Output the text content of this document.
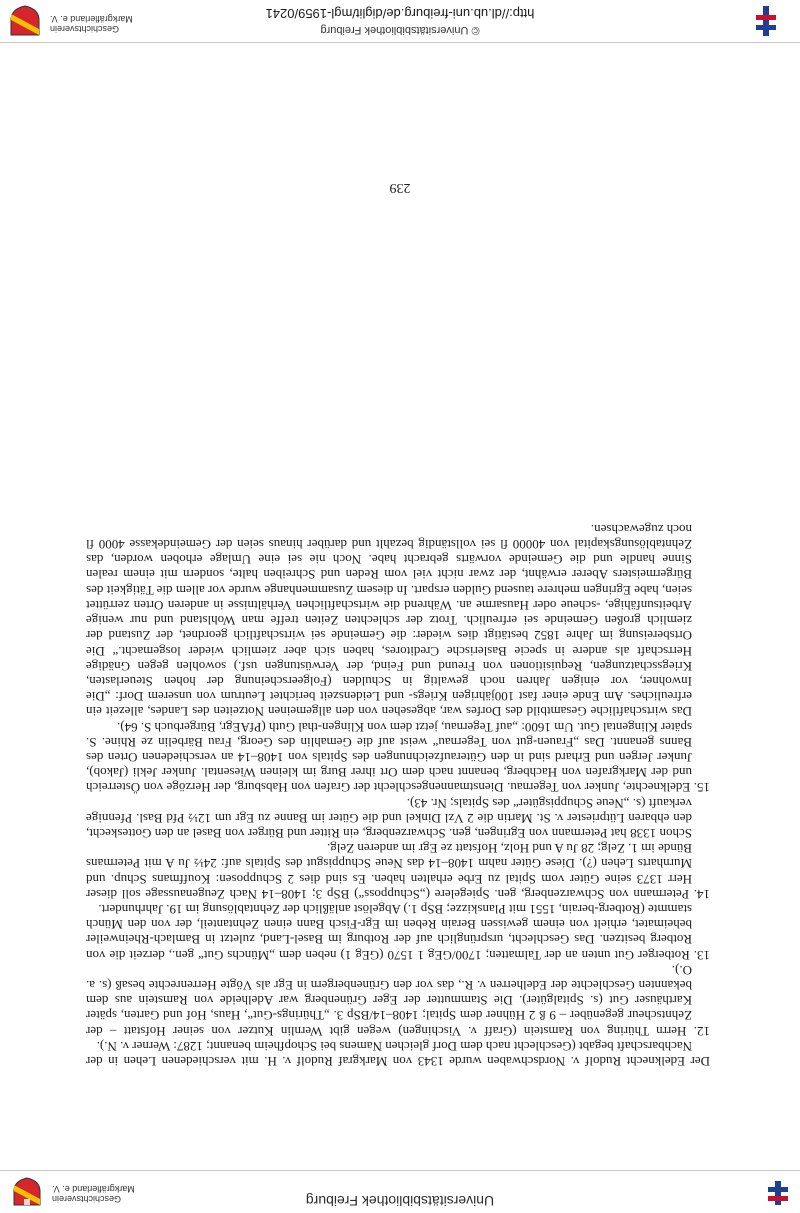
Universitätsbibliothek Freiburg
Geschichtsverein
Markgräflerland e. V.

Der Edelknecht Rudolf v. Nordschwaben wurde 1343 von Markgraf Rudolf v. H. mit verschiedenen Lehen in der Nachbarschaft begabt (Geschlecht nach dem Dorf gleichen Namens bei Schopfheim benannt; 1287: Werner v. N.).

12. Herrn Thüring von Ramstein (Graff v. Vischingen) wegen gibt Wernlin Kutzer von seiner Hofstatt – der Zehntscheur gegenüber – 9 ß 2 Hühner dem Spital; 1408–14/BSp 3. „Thürings-Gut“, Haus, Hof und Garten, später Karthäuser Gut (s. Spitalgüter). Die Stammutter der Eger Grünenberg war Adelheide von Ramstein aus dem bekannten Geschlechte der Edelherren v. R., das vor den Grünenbergern in Egr als Vögte Herrenrechte besaß (s. a. O.).

13. Rotberger Gut unten an der Talmatten; 1700/GEg 1 1570 (GEg 1) neben dem „Münchs Gut“ gen., derzeit die von Rotberg besitzen. Das Geschlecht, ursprünglich auf der Rotburg im Basel-Land, zuletzt in Bamlach-Rheinweiler beheimatet, erhielt von einem gewissen Berain Reben im Egr-Fisch Bann einen Zehntanteil, der von den Münch stammte (Rotberg-berain, 1551 mit Planskizze; BSp 1.) Abgelöst anläßlich der Zehntablösung im 19. Jahrhundert.

14. Petermann von Schwarzenberg, gen. Spiegelere („Schupposs“) BSp 3; 1408–14 Nach Zeugenaussage soll dieser Herr 1373 seine Güter vom Spital zu Erbe erhalten haben. Es sind dies 2 Schupposen: Kouffmans Schup. und Murnharts Lehen (?). Diese Güter nahm 1408–14 das Neue Schuppisgut des Spitals auf: 24½ Ju A mit Petermans Bünde im 1. Zelg; 28 Ju A und Holz, Hofstatt ze Egr im anderen Zelg.

Schon 1338 hat Petermann von Egringen, gen. Schwarzenberg, ein Ritter und Bürger von Basel an den Gotteskecht, den ehbaren Lütpriester v. St. Martin die 2 Vzl Dinkel und die Güter im Banne zu Egr um 12½ Pfd Basl. Pfennige verkauft (s. „Neue Schuppisgüter“ des Spitals; Nr. 43).

15. Edelknechte, Junker von Tegernau. Dienstmannengeschlecht der Grafen von Habsburg, der Herzöge von Österreich und der Markgrafen von Hachberg, benannt nach dem Ort ihrer Burg im kleinen Wiesental. Junker Jekli (Jakob), Junker Jergen und Erhard sind in den Güteraufzeichnungen des Spitals von 1408–14 an verschiedenen Orten des Banns genannt. Das „Frauen-gut von Tegernau“ weist auf die Gemahlin des Georg, Frau Bärbelin ze Rhine. S. später Klingental Gut. Um 1600: „auf Tegernau, jetzt dem von Klingen-thal Guth (PfAEgr, Bürgerbuch S. 64).

Das wirtschaftliche Gesamtbild des Dorfes war, abgesehen von den allgemeinen Notzeiten des Landes, allezeit ein erfreuliches. Am Ende einer fast 100jährigen Kriegs- und Leidenszeit berichtet Leutrum von unserem Dorf: „Die Inwohner, vor einigen Jahren noch gewaltig in Schulden (Folgeerscheinung der hohen Steuerlasten, Kriegsschatzungen, Requisitionen von Freund und Feind, der Verwüstungen usf.) sowohlen gegen Gnädige Herrschaft als andere in specie Baslerische Creditores, haben sich aber ziemlich wieder losgemacht.“ Die Ortsbereisung im Jahre 1852 bestätigt dies wieder: die Gemeinde sei wirtschaftlich geordnet, der Zustand der ziemlich großen Gemeinde sei erfreulich. Trotz der schlechten Zeiten treffe man Wohlstand und nur wenige Arbeitsunfähige, -scheue oder Hausarme an. Während die wirtschaftlichen Verhältnisse in anderen Orten zerrüttet seien, habe Egringen mehrere tausend Gulden erspart. In diesem Zusammenhange wurde vor allem die Tätigkeit des Bürgermeisters Aberer erwähnt, der zwar nicht viel vom Reden und Schreiben halte, sondern mit einem realen Sinne handle und die Gemeinde vorwärts gebracht habe. Noch nie sei eine Umlage erhoben worden, das Zehntablösungskapital von 40000 fl sei vollständig bezahlt und darüber hinaus seien der Gemeindekasse 4000 fl noch zugewachsen.

239
© Universitätsbibliothek Freiburg
http://dl.ub.uni-freiburg.de/diglit/mgl-1959/0241
Geschichtsverein
Markgräflerland e. V.
